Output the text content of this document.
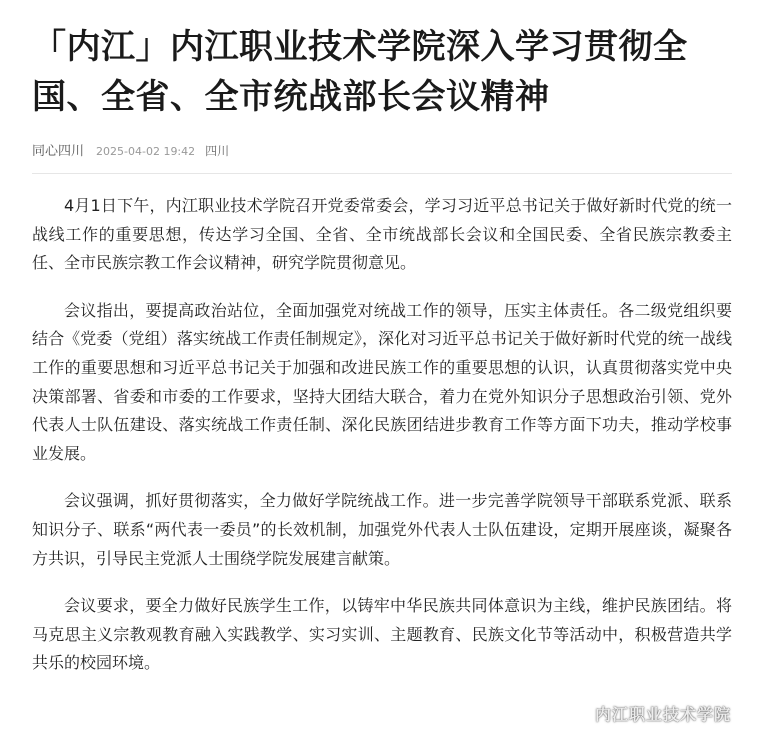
「内江」内江职业技术学院深入学习贯彻全国、全省、全市统战部长会议精神
同心四川 2025-04-02 19:42 四川

4月1日下午，内江职业技术学院召开党委常委会，学习习近平总书记关于做好新时代党的统一战线工作的重要思想，传达学习全国、全省、全市统战部长会议和全国民委、全省民族宗教委主任、全市民族宗教工作会议精神，研究学院贯彻意见。

会议指出，要提高政治站位，全面加强党对统战工作的领导，压实主体责任。各二级党组织要结合《党委（党组）落实统战工作责任制规定》，深化对习近平总书记关于做好新时代党的统一战线工作的重要思想和习近平总书记关于加强和改进民族工作的重要思想的认识，认真贯彻落实党中央决策部署、省委和市委的工作要求，坚持大团结大联合，着力在党外知识分子思想政治引领、党外代表人士队伍建设、落实统战工作责任制、深化民族团结进步教育工作等方面下功夫，推动学校事业发展。

会议强调，抓好贯彻落实，全力做好学院统战工作。进一步完善学院领导干部联系党派、联系知识分子、联系“两代表一委员”的长效机制，加强党外代表人士队伍建设，定期开展座谈，凝聚各方共识，引导民主党派人士围绕学院发展建言献策。

会议要求，要全力做好民族学生工作，以铸牢中华民族共同体意识为主线，维护民族团结。将马克思主义宗教观教育融入实践教学、实习实训、主题教育、民族文化节等活动中，积极营造共学共乐的校园环境。

内江职业技术学院
